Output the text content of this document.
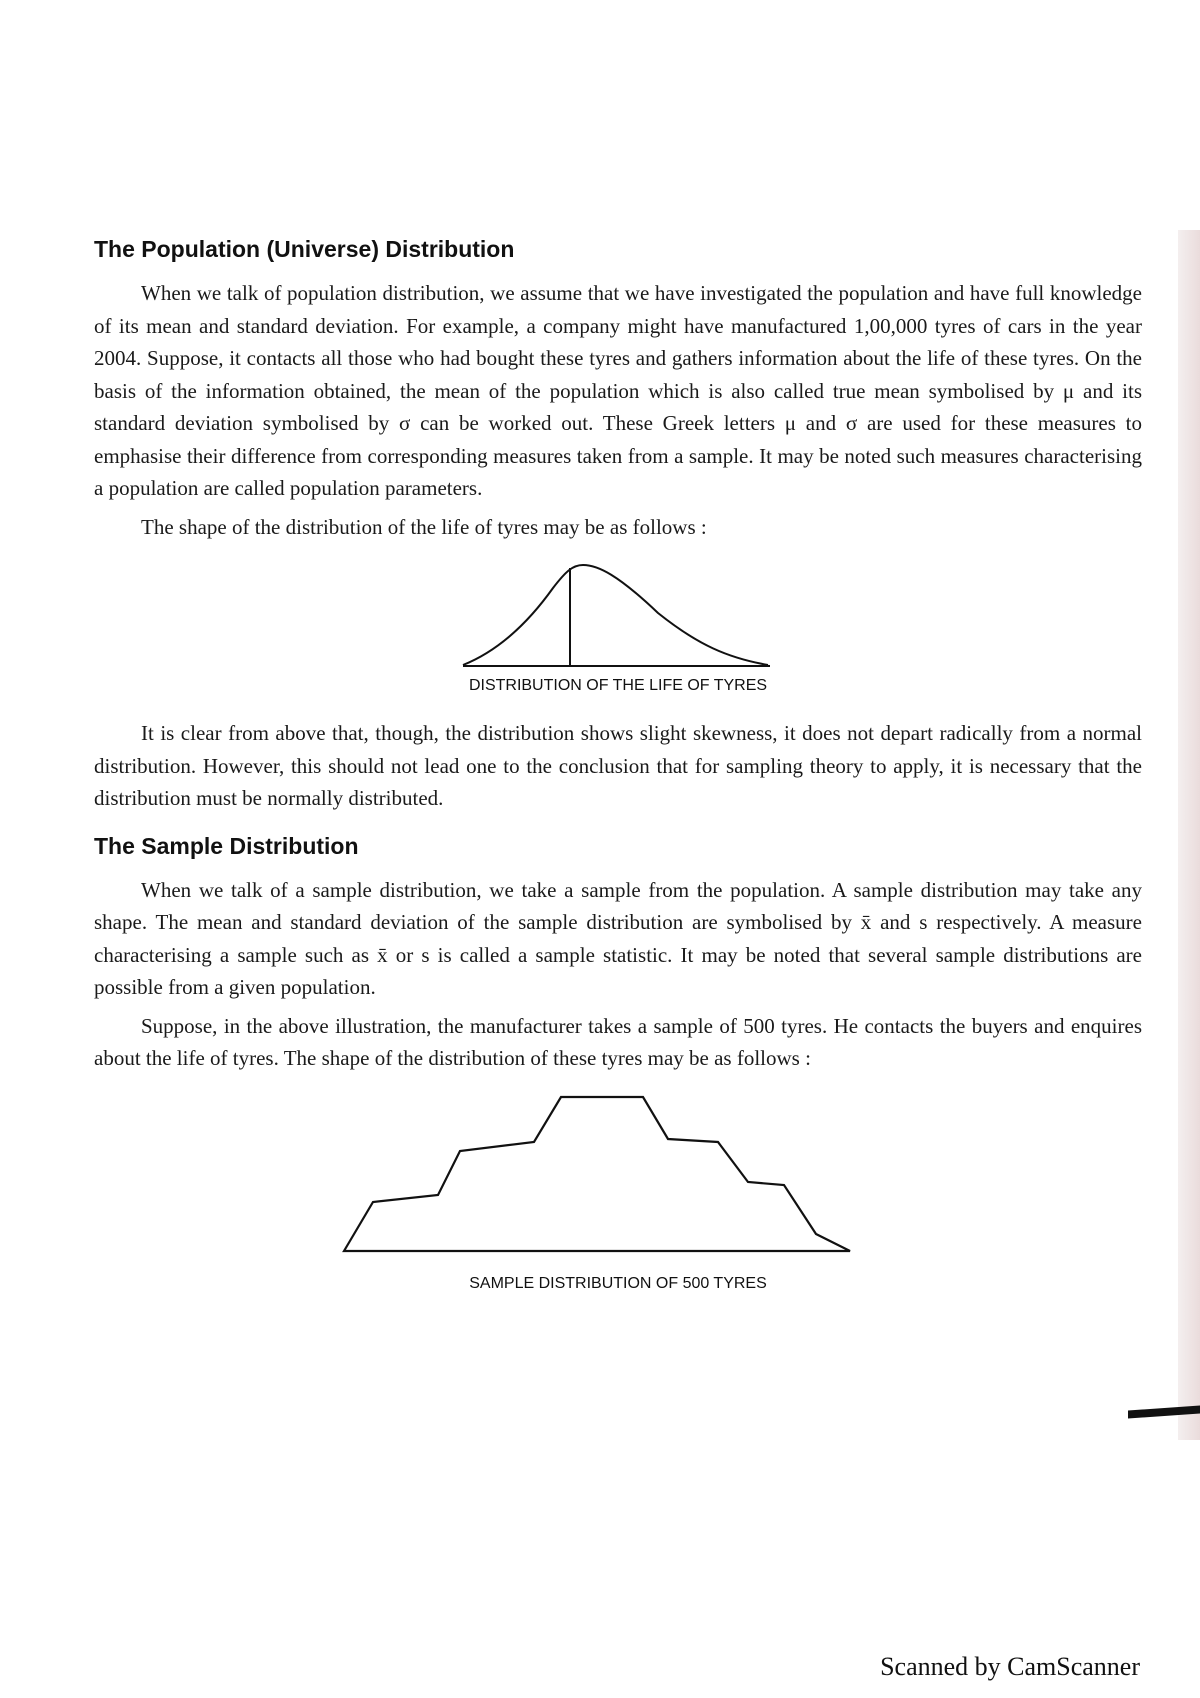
The Population (Universe) Distribution

When we talk of population distribution, we assume that we have investigated the population and have full knowledge of its mean and standard deviation. For example, a company might have manufactured 1,00,000 tyres of cars in the year 2004. Suppose, it contacts all those who had bought these tyres and gathers information about the life of these tyres. On the basis of the information obtained, the mean of the population which is also called true mean symbolised by μ and its standard deviation symbolised by σ can be worked out. These Greek letters μ and σ are used for these measures to emphasise their difference from corresponding measures taken from a sample. It may be noted such measures characterising a population are called population parameters.

The shape of the distribution of the life of tyres may be as follows :

DISTRIBUTION OF THE LIFE OF TYRES

It is clear from above that, though, the distribution shows slight skewness, it does not depart radically from a normal distribution. However, this should not lead one to the conclusion that for sampling theory to apply, it is necessary that the distribution must be normally distributed.

The Sample Distribution

When we talk of a sample distribution, we take a sample from the population. A sample distribution may take any shape. The mean and standard deviation of the sample distribution are symbolised by x̄ and s respectively. A measure characterising a sample such as x̄ or s is called a sample statistic. It may be noted that several sample distributions are possible from a given population.

Suppose, in the above illustration, the manufacturer takes a sample of 500 tyres. He contacts the buyers and enquires about the life of tyres. The shape of the distribution of these tyres may be as follows :

SAMPLE DISTRIBUTION OF 500 TYRES
Scanned by CamScanner
